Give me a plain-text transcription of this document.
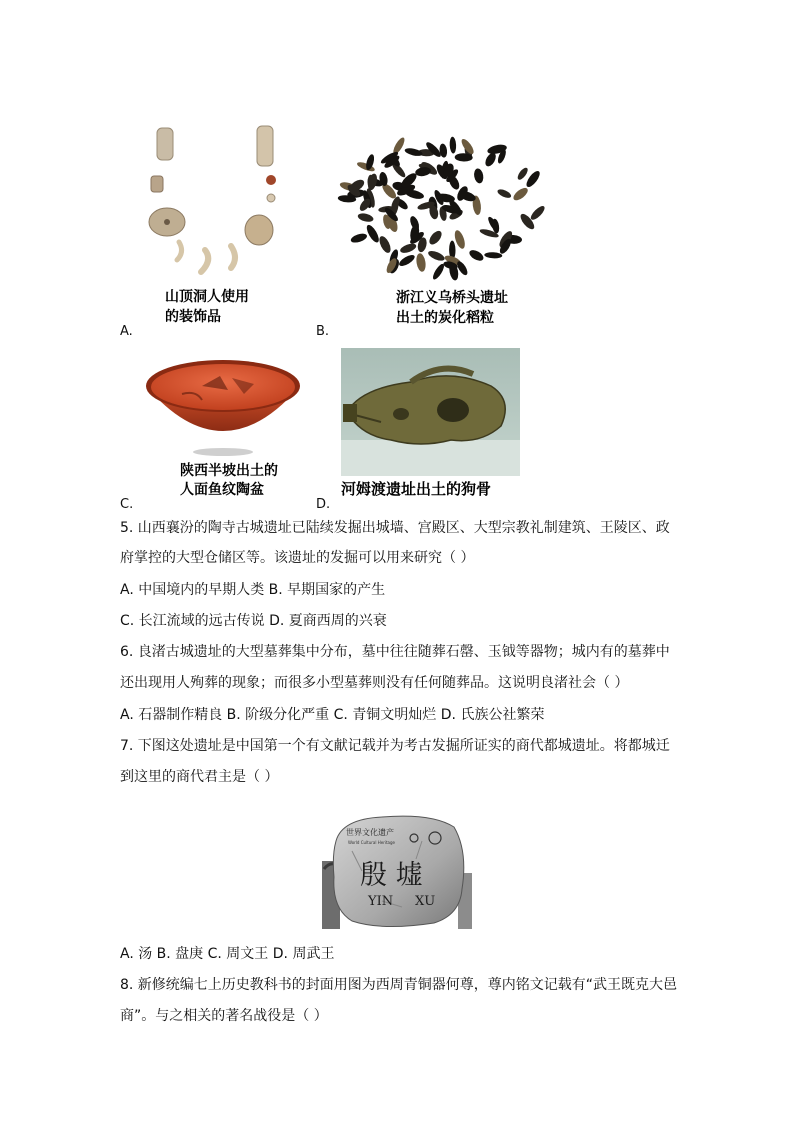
山顶洞人使用
的装饰品
A.
浙江义乌桥头遗址
出土的炭化稻粒
B.
陕西半坡出土的
人面鱼纹陶盆
C.
河姆渡遗址出土的狗骨
D.
5. 山西襄汾的陶寺古城遗址已陆续发掘出城墙、宫殿区、大型宗教礼制建筑、王陵区、政
府掌控的大型仓储区等。该遗址的发掘可以用来研究（ ）
A. 中国境内的早期人类 B. 早期国家的产生
C. 长江流域的远古传说 D. 夏商西周的兴衰
6. 良渚古城遗址的大型墓葬集中分布，墓中往往随葬石罄、玉钺等器物；城内有的墓葬中
还出现用人殉葬的现象；而很多小型墓葬则没有任何随葬品。这说明良渚社会（ ）
A. 石器制作精良 B. 阶级分化严重 C. 青铜文明灿烂 D. 氏族公社繁荣
7. 下图这处遗址是中国第一个有文献记载并为考古发掘所证实的商代都城遗址。将都城迁
到这里的商代君主是（ ）
世界文化遗产
World Cultural Heritage
殷 墟
YIN XU
A. 汤 B. 盘庚 C. 周文王 D. 周武王
8. 新修统编七上历史教科书的封面用图为西周青铜器何尊，尊内铭文记载有“武王既克大邑
商”。与之相关的著名战役是（ ）
